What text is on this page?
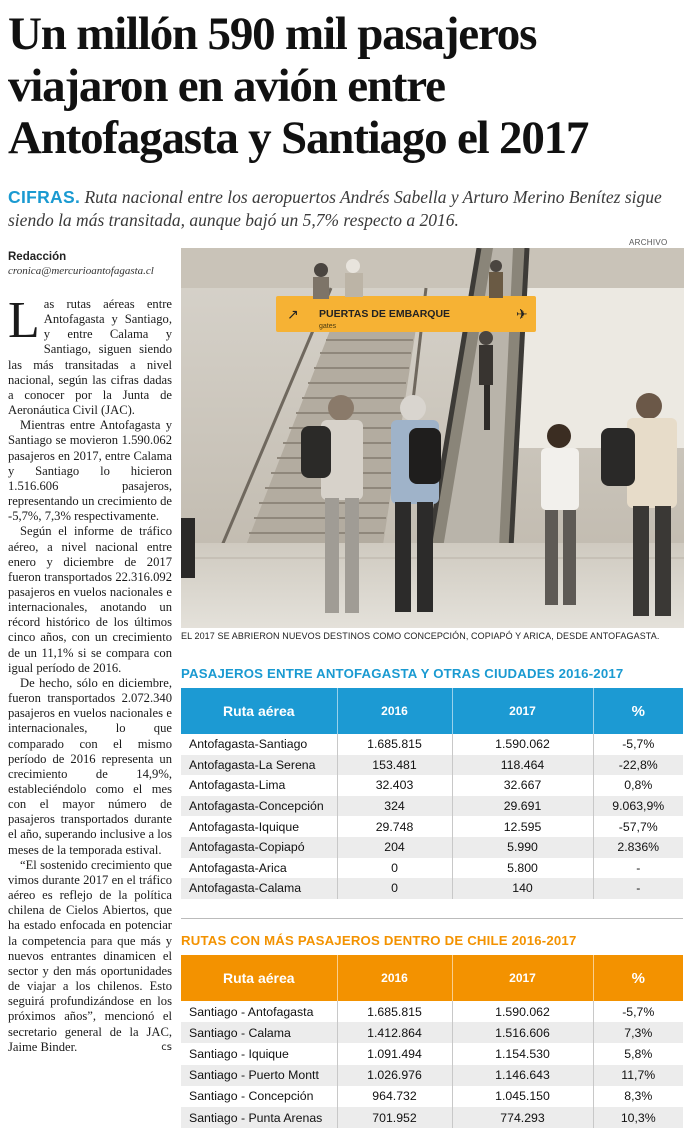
Un millón 590 mil pasajeros
viajaron en avión entre
Antofagasta y Santiago el 2017
CIFRAS. Ruta nacional entre los aeropuertos Andrés Sabella y Arturo Merino Benítez sigue siendo la más transitada, aunque bajó un 5,7% respecto a 2016.
Redacción
cronica@mercurioantofagasta.cl

Las rutas aéreas entre Antofagasta y Santiago, y entre Calama y Santiago, siguen siendo las más transitadas a nivel nacional, según las cifras dadas a conocer por la Junta de Aeronáutica Civil (JAC).

Mientras entre Antofagasta y Santiago se movieron 1.590.062 pasajeros en 2017, entre Calama y Santiago lo hicieron 1.516.606 pasajeros, representando un crecimiento de -5,7%, 7,3% respectivamente.

Según el informe de tráfico aéreo, a nivel nacional entre enero y diciembre de 2017 fueron transportados 22.316.092 pasajeros en vuelos nacionales e internacionales, anotando un récord histórico de los últimos cinco años, con un crecimiento de un 11,1% si se compara con igual período de 2016.

De hecho, sólo en diciembre, fueron transportados 2.072.340 pasajeros en vuelos nacionales e internacionales, lo que comparado con el mismo período de 2016 representa un crecimiento de 14,9%, estableciéndolo como el mes con el mayor número de pasajeros transportados durante el año, superando inclusive a los meses de la temporada estival.

“El sostenido crecimiento que vimos durante 2017 en el tráfico aéreo es reflejo de la política chilena de Cielos Abiertos, que ha estado enfocada en potenciar la competencia para que más y nuevos entrantes dinamicen el sector y den más oportunidades de viajar a los chilenos. Esto seguirá profundizándose en los próximos años”, mencionó el secretario general de la JAC, Jaime Binder.	cs

ARCHIVO
↗	✈
PUERTAS DE EMBARQUE
gates
EL 2017 SE ABRIERON NUEVOS DESTINOS COMO CONCEPCIÓN, COPIAPÓ Y ARICA, DESDE ANTOFAGASTA.
PASAJEROS ENTRE ANTOFAGASTA Y OTRAS CIUDADES 2016-2017
Ruta aérea	2016	2017	%
Antofagasta-Santiago	1.685.815	1.590.062	-5,7%
Antofagasta-La Serena	153.481	118.464	-22,8%
Antofagasta-Lima	32.403	32.667	0,8%
Antofagasta-Concepción	324	29.691	9.063,9%
Antofagasta-Iquique	29.748	12.595	-57,7%
Antofagasta-Copiapó	204	5.990	2.836%
Antofagasta-Arica	0	5.800	-
Antofagasta-Calama	0	140	-
RUTAS CON MÁS PASAJEROS DENTRO DE CHILE 2016-2017
Ruta aérea	2016	2017	%
Santiago - Antofagasta	1.685.815	1.590.062	-5,7%
Santiago - Calama	1.412.864	1.516.606	7,3%
Santiago - Iquique	1.091.494	1.154.530	5,8%
Santiago - Puerto Montt	1.026.976	1.146.643	11,7%
Santiago - Concepción	964.732	1.045.150	8,3%
Santiago - Punta Arenas	701.952	774.293	10,3%
